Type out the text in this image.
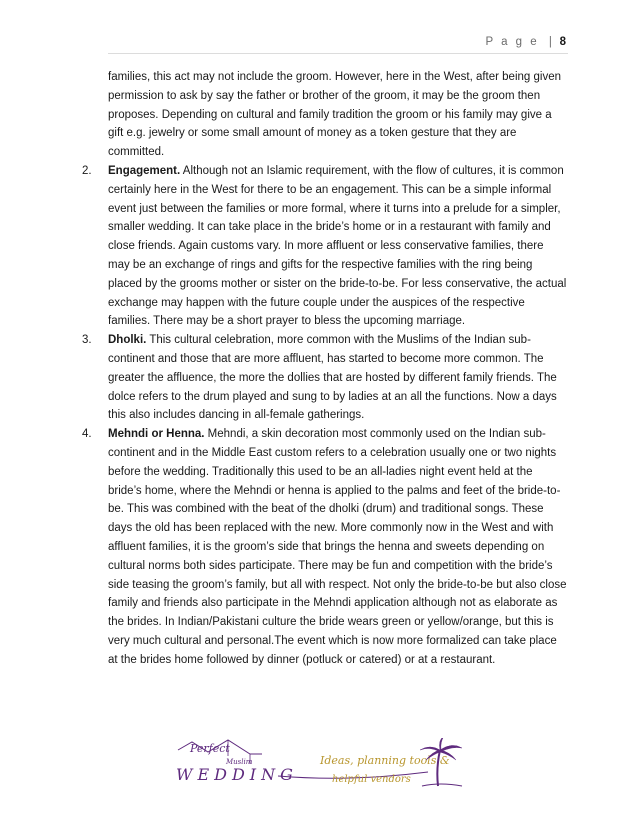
P a g e | 8

families, this act may not include the groom. However, here in the West, after being given permission to ask by say the father or brother of the groom, it may be the groom then proposes. Depending on cultural and family tradition the groom or his family may give a gift e.g. jewelry or some small amount of money as a token gesture that they are committed.

2. Engagement. Although not an Islamic requirement, with the flow of cultures, it is common certainly here in the West for there to be an engagement. This can be a simple informal event just between the families or more formal, where it turns into a prelude for a simpler, smaller wedding. It can take place in the bride’s home or in a restaurant with family and close friends. Again customs vary. In more affluent or less conservative families, there may be an exchange of rings and gifts for the respective families with the ring being placed by the grooms mother or sister on the bride-to-be. For less conservative, the actual exchange may happen with the future couple under the auspices of the respective families. There may be a short prayer to bless the upcoming marriage.
3. Dholki. This cultural celebration, more common with the Muslims of the Indian sub-continent and those that are more affluent, has started to become more common. The greater the affluence, the more the dollies that are hosted by different family friends. The dolce refers to the drum played and sung to by ladies at an all the functions. Now a days this also includes dancing in all-female gatherings.
4. Mehndi or Henna. Mehndi, a skin decoration most commonly used on the Indian sub-continent and in the Middle East custom refers to a celebration usually one or two nights before the wedding. Traditionally this used to be an all-ladies night event held at the bride’s home, where the Mehndi or henna is applied to the palms and feet of the bride-to-be. This was combined with the beat of the dholki (drum) and traditional songs. These days the old has been replaced with the new. More commonly now in the West and with affluent families, it is the groom’s side that brings the henna and sweets depending on cultural norms both sides participate. There may be fun and competition with the bride’s side teasing the groom’s family, but all with respect. Not only the bride-to-be but also close family and friends also participate in the Mehndi application although not as elaborate as the brides. In Indian/Pakistani culture the bride wears green or yellow/orange, but this is very much cultural and personal.The event which is now more formalized can take place at the brides home followed by dinner (potluck or catered) or at a restaurant.
Perfect
Muslim
WEDDING
Ideas, planning tools &
helpful vendors
